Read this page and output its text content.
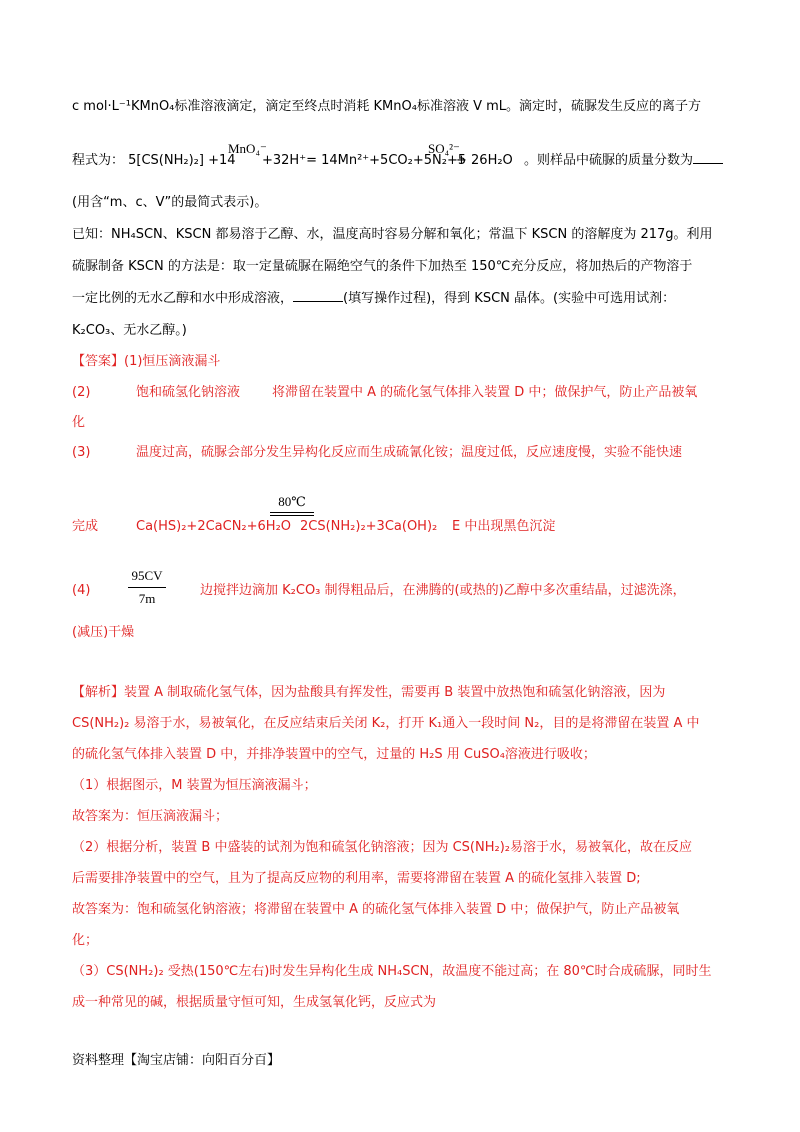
c mol·L⁻¹KMnO₄标准溶液滴定，滴定至终点时消耗 KMnO₄标准溶液 V mL。滴定时，硫脲发生反应的离子方
程式为： 5[CS(NH₂)₂] +14
MnO₄⁻
+32H⁺= 14Mn²⁺+5CO₂+5N₂+5
SO₄²⁻
+ 26H₂O 。则样品中硫脲的质量分数为
(用含“m、c、V”的最简式表示)。
已知：NH₄SCN、KSCN 都易溶于乙醇、水，温度高时容易分解和氧化；常温下 KSCN 的溶解度为 217g。利用
硫脲制备 KSCN 的方法是：取一定量硫脲在隔绝空气的条件下加热至 150℃充分反应，将加热后的产物溶于
一定比例的无水乙醇和水中形成溶液，	(填写操作过程)，得到 KSCN 晶体。(实验中可选用试剂：
K₂CO₃、无水乙醇。)
【答案】(1)恒压滴液漏斗
(2)	饱和硫氢化钠溶液 将滞留在装置中 A 的硫化氢气体排入装置 D 中；做保护气，防止产品被氧
化
(3)	温度过高，硫脲会部分发生异构化反应而生成硫氰化铵；温度过低，反应速度慢，实验不能快速
80℃
完成	Ca(HS)₂+2CaCN₂+6H₂O 2CS(NH₂)₂+3Ca(OH)₂ E 中出现黑色沉淀
(4)
95CV
7m
边搅拌边滴加 K₂CO₃ 制得粗品后，在沸腾的(或热的)乙醇中多次重结晶，过滤洗涤，
(减压)干燥
【解析】装置 A 制取硫化氢气体，因为盐酸具有挥发性，需要再 B 装置中放热饱和硫氢化钠溶液，因为
CS(NH₂)₂ 易溶于水，易被氧化，在反应结束后关闭 K₂，打开 K₁通入一段时间 N₂，目的是将滞留在装置 A 中
的硫化氢气体排入装置 D 中，并排净装置中的空气，过量的 H₂S 用 CuSO₄溶液进行吸收；
（1）根据图示，M 装置为恒压滴液漏斗；
故答案为：恒压滴液漏斗；
（2）根据分析，装置 B 中盛装的试剂为饱和硫氢化钠溶液；因为 CS(NH₂)₂易溶于水，易被氧化，故在反应
后需要排净装置中的空气，且为了提高反应物的利用率，需要将滞留在装置 A 的硫化氢排入装置 D;
故答案为：饱和硫氢化钠溶液；将滞留在装置中 A 的硫化氢气体排入装置 D 中；做保护气，防止产品被氧
化；
（3）CS(NH₂)₂ 受热(150℃左右)时发生异构化生成 NH₄SCN，故温度不能过高；在 80℃时合成硫脲，同时生
成一种常见的碱，根据质量守恒可知，生成氢氧化钙，反应式为
资料整理【淘宝店铺：向阳百分百】
